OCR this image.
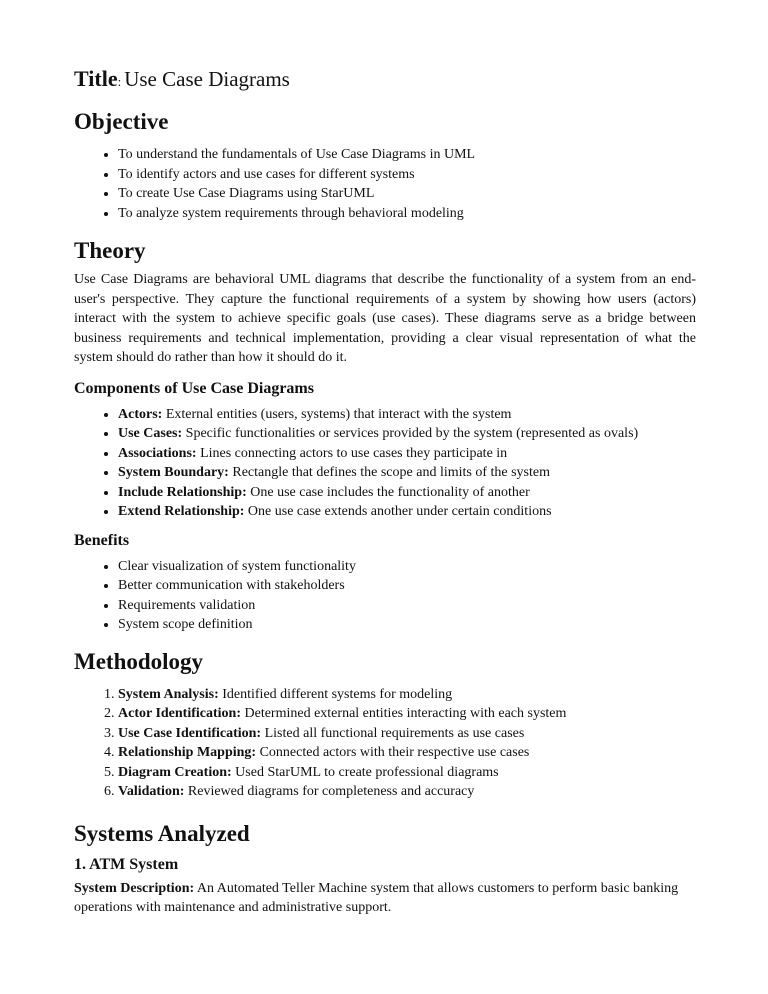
Title: Use Case Diagrams
Objective
• To understand the fundamentals of Use Case Diagrams in UML
• To identify actors and use cases for different systems
• To create Use Case Diagrams using StarUML
• To analyze system requirements through behavioral modeling
Theory

Use Case Diagrams are behavioral UML diagrams that describe the functionality of a system from an end-user's perspective. They capture the functional requirements of a system by showing how users (actors) interact with the system to achieve specific goals (use cases). These diagrams serve as a bridge between business requirements and technical implementation, providing a clear visual representation of what the system should do rather than how it should do it.

Components of Use Case Diagrams
• Actors: External entities (users, systems) that interact with the system
• Use Cases: Specific functionalities or services provided by the system (represented as ovals)
• Associations: Lines connecting actors to use cases they participate in
• System Boundary: Rectangle that defines the scope and limits of the system
• Include Relationship: One use case includes the functionality of another
• Extend Relationship: One use case extends another under certain conditions
Benefits
• Clear visualization of system functionality
• Better communication with stakeholders
• Requirements validation
• System scope definition
Methodology
1. System Analysis: Identified different systems for modeling
2. Actor Identification: Determined external entities interacting with each system
3. Use Case Identification: Listed all functional requirements as use cases
4. Relationship Mapping: Connected actors with their respective use cases
5. Diagram Creation: Used StarUML to create professional diagrams
6. Validation: Reviewed diagrams for completeness and accuracy
Systems Analyzed
1. ATM System

System Description: An Automated Teller Machine system that allows customers to perform basic banking operations with maintenance and administrative support.
